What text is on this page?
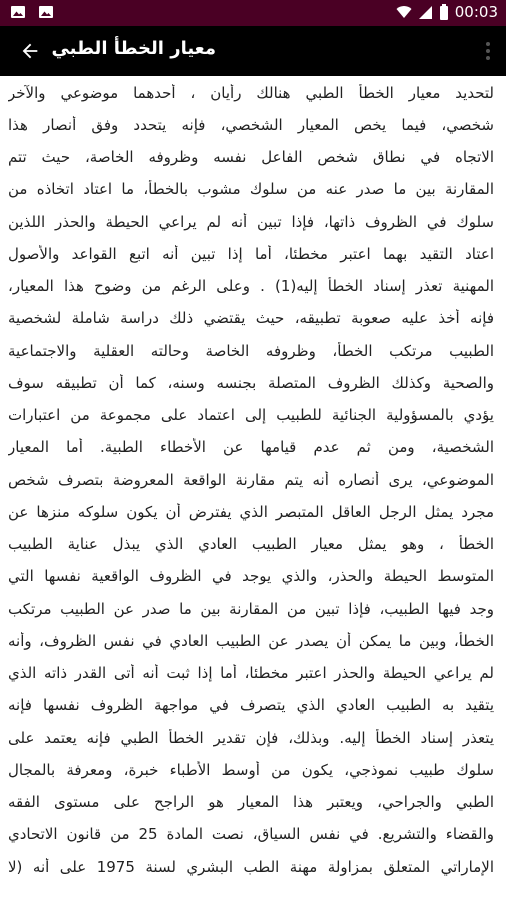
00:03
معيار الخطأ الطبي
لتحديد معيار الخطأ الطبي هنالك رأيان ، أحدهما موضوعي والآخر
شخصي، فيما يخص المعيار الشخصي، فإنه يتحدد وفق أنصار هذا
الاتجاه في نطاق شخص الفاعل نفسه وظروفه الخاصة، حيث تتم
المقارنة بين ما صدر عنه من سلوك مشوب بالخطأ، ما اعتاد اتخاذه من
سلوك في الظروف ذاتها، فإذا تبين أنه لم يراعي الحيطة والحذر اللذين
اعتاد التقيد بهما اعتبر مخطئا، أما إذا تبين أنه اتبع القواعد والأصول
المهنية تعذر إسناد الخطأ إليه(1) . وعلى الرغم من وضوح هذا المعيار،
فإنه أخذ عليه صعوبة تطبيقه، حيث يقتضي ذلك دراسة شاملة لشخصية
الطبيب مرتكب الخطأ، وظروفه الخاصة وحالته العقلية والاجتماعية
والصحية وكذلك الظروف المتصلة بجنسه وسنه، كما أن تطبيقه سوف
يؤدي بالمسؤولية الجنائية للطبيب إلى اعتماد على مجموعة من اعتبارات
الشخصية، ومن ثم عدم قيامها عن الأخطاء الطبية. أما المعيار
الموضوعي، يرى أنصاره أنه يتم مقارنة الواقعة المعروضة بتصرف شخص
مجرد يمثل الرجل العاقل المتبصر الذي يفترض أن يكون سلوكه منزها عن
الخطأ ، وهو يمثل معيار الطبيب العادي الذي يبذل عناية الطبيب
المتوسط الحيطة والحذر، والذي يوجد في الظروف الواقعية نفسها التي
وجد فيها الطبيب، فإذا تبين من المقارنة بين ما صدر عن الطبيب مرتكب
الخطأ، وبين ما يمكن أن يصدر عن الطبيب العادي في نفس الظروف، وأنه
لم يراعي الحيطة والحذر اعتبر مخطئا، أما إذا ثبت أنه أتى القدر ذاته الذي
يتقيد به الطبيب العادي الذي يتصرف في مواجهة الظروف نفسها فإنه
يتعذر إسناد الخطأ إليه. وبذلك، فإن تقدير الخطأ الطبي فإنه يعتمد على
سلوك طبيب نموذجي، يكون من أوسط الأطباء خبرة، ومعرفة بالمجال
الطبي والجراحي، ويعتبر هذا المعيار هو الراجح على مستوى الفقه
والقضاء والتشريع. في نفس السياق، نصت المادة 25 من قانون الاتحادي
الإماراتي المتعلق بمزاولة مهنة الطب البشري لسنة 1975 على أنه (لا
